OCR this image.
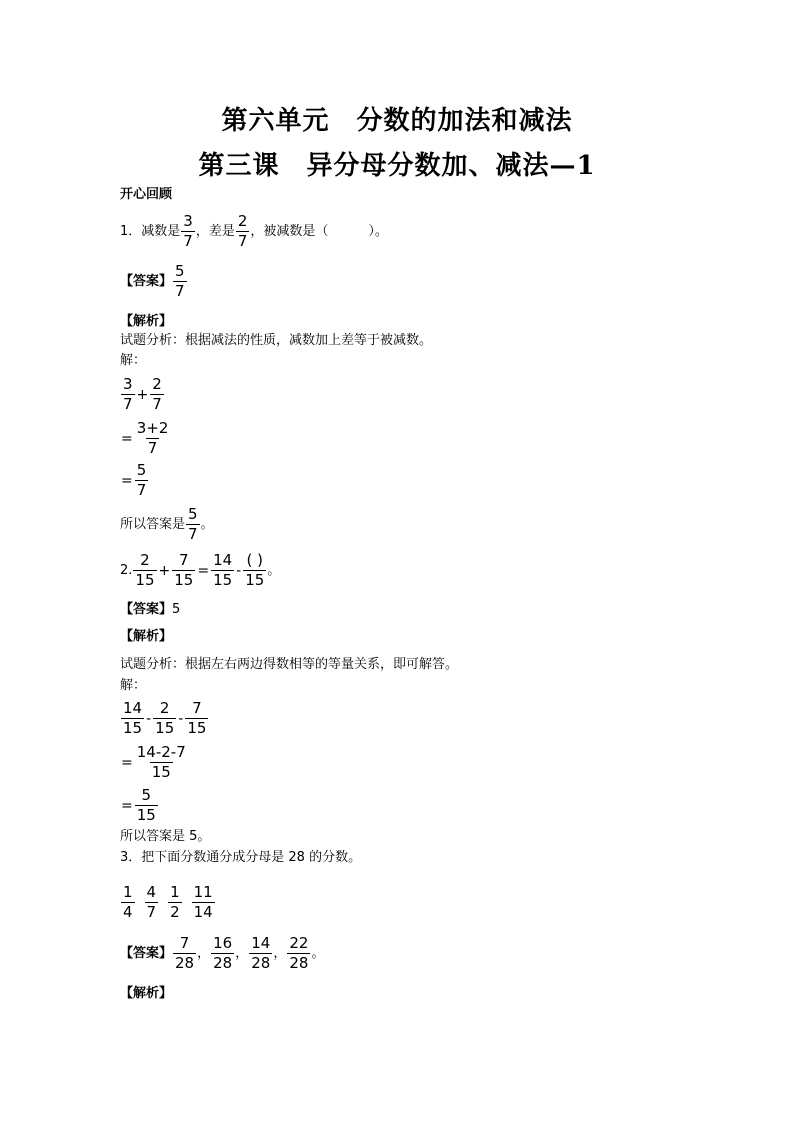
第六单元　分数的加法和减法
第三课　异分母分数加、减法—1
开心回顾
1．减数是 $\frac{3}{7}$ ，差是 $\frac{2}{7}$ ，被减数是（	）。
【答案】 $\frac{5}{7}$
【解析】
试题分析：根据减法的性质，减数加上差等于被减数。
解：
$\frac{3}{7} + \frac{2}{7}$
= $\frac{3+2}{7}$
= $\frac{5}{7}$
所以答案是 $\frac{5}{7}$ 。
2. $\frac{2}{15} + \frac{7}{15} = \frac{14}{15} - \frac{( )}{15}$ 。
【答案】 5
【解析】
试题分析：根据左右两边得数相等的等量关系，即可解答。
解：
$\frac{14}{15} - \frac{2}{15} - \frac{7}{15}$
= $\frac{14-2-7}{15}$
= $\frac{5}{15}$
所以答案是 5。
3．把下面分数通分成分母是 28 的分数。
$\frac{1}{4} \frac{4}{7} \frac{1}{2} \frac{11}{14}$
【答案】 $\frac{7}{28}$ ， $\frac{16}{28}$ ， $\frac{14}{28}$ ， $\frac{22}{28}$ 。
【解析】
